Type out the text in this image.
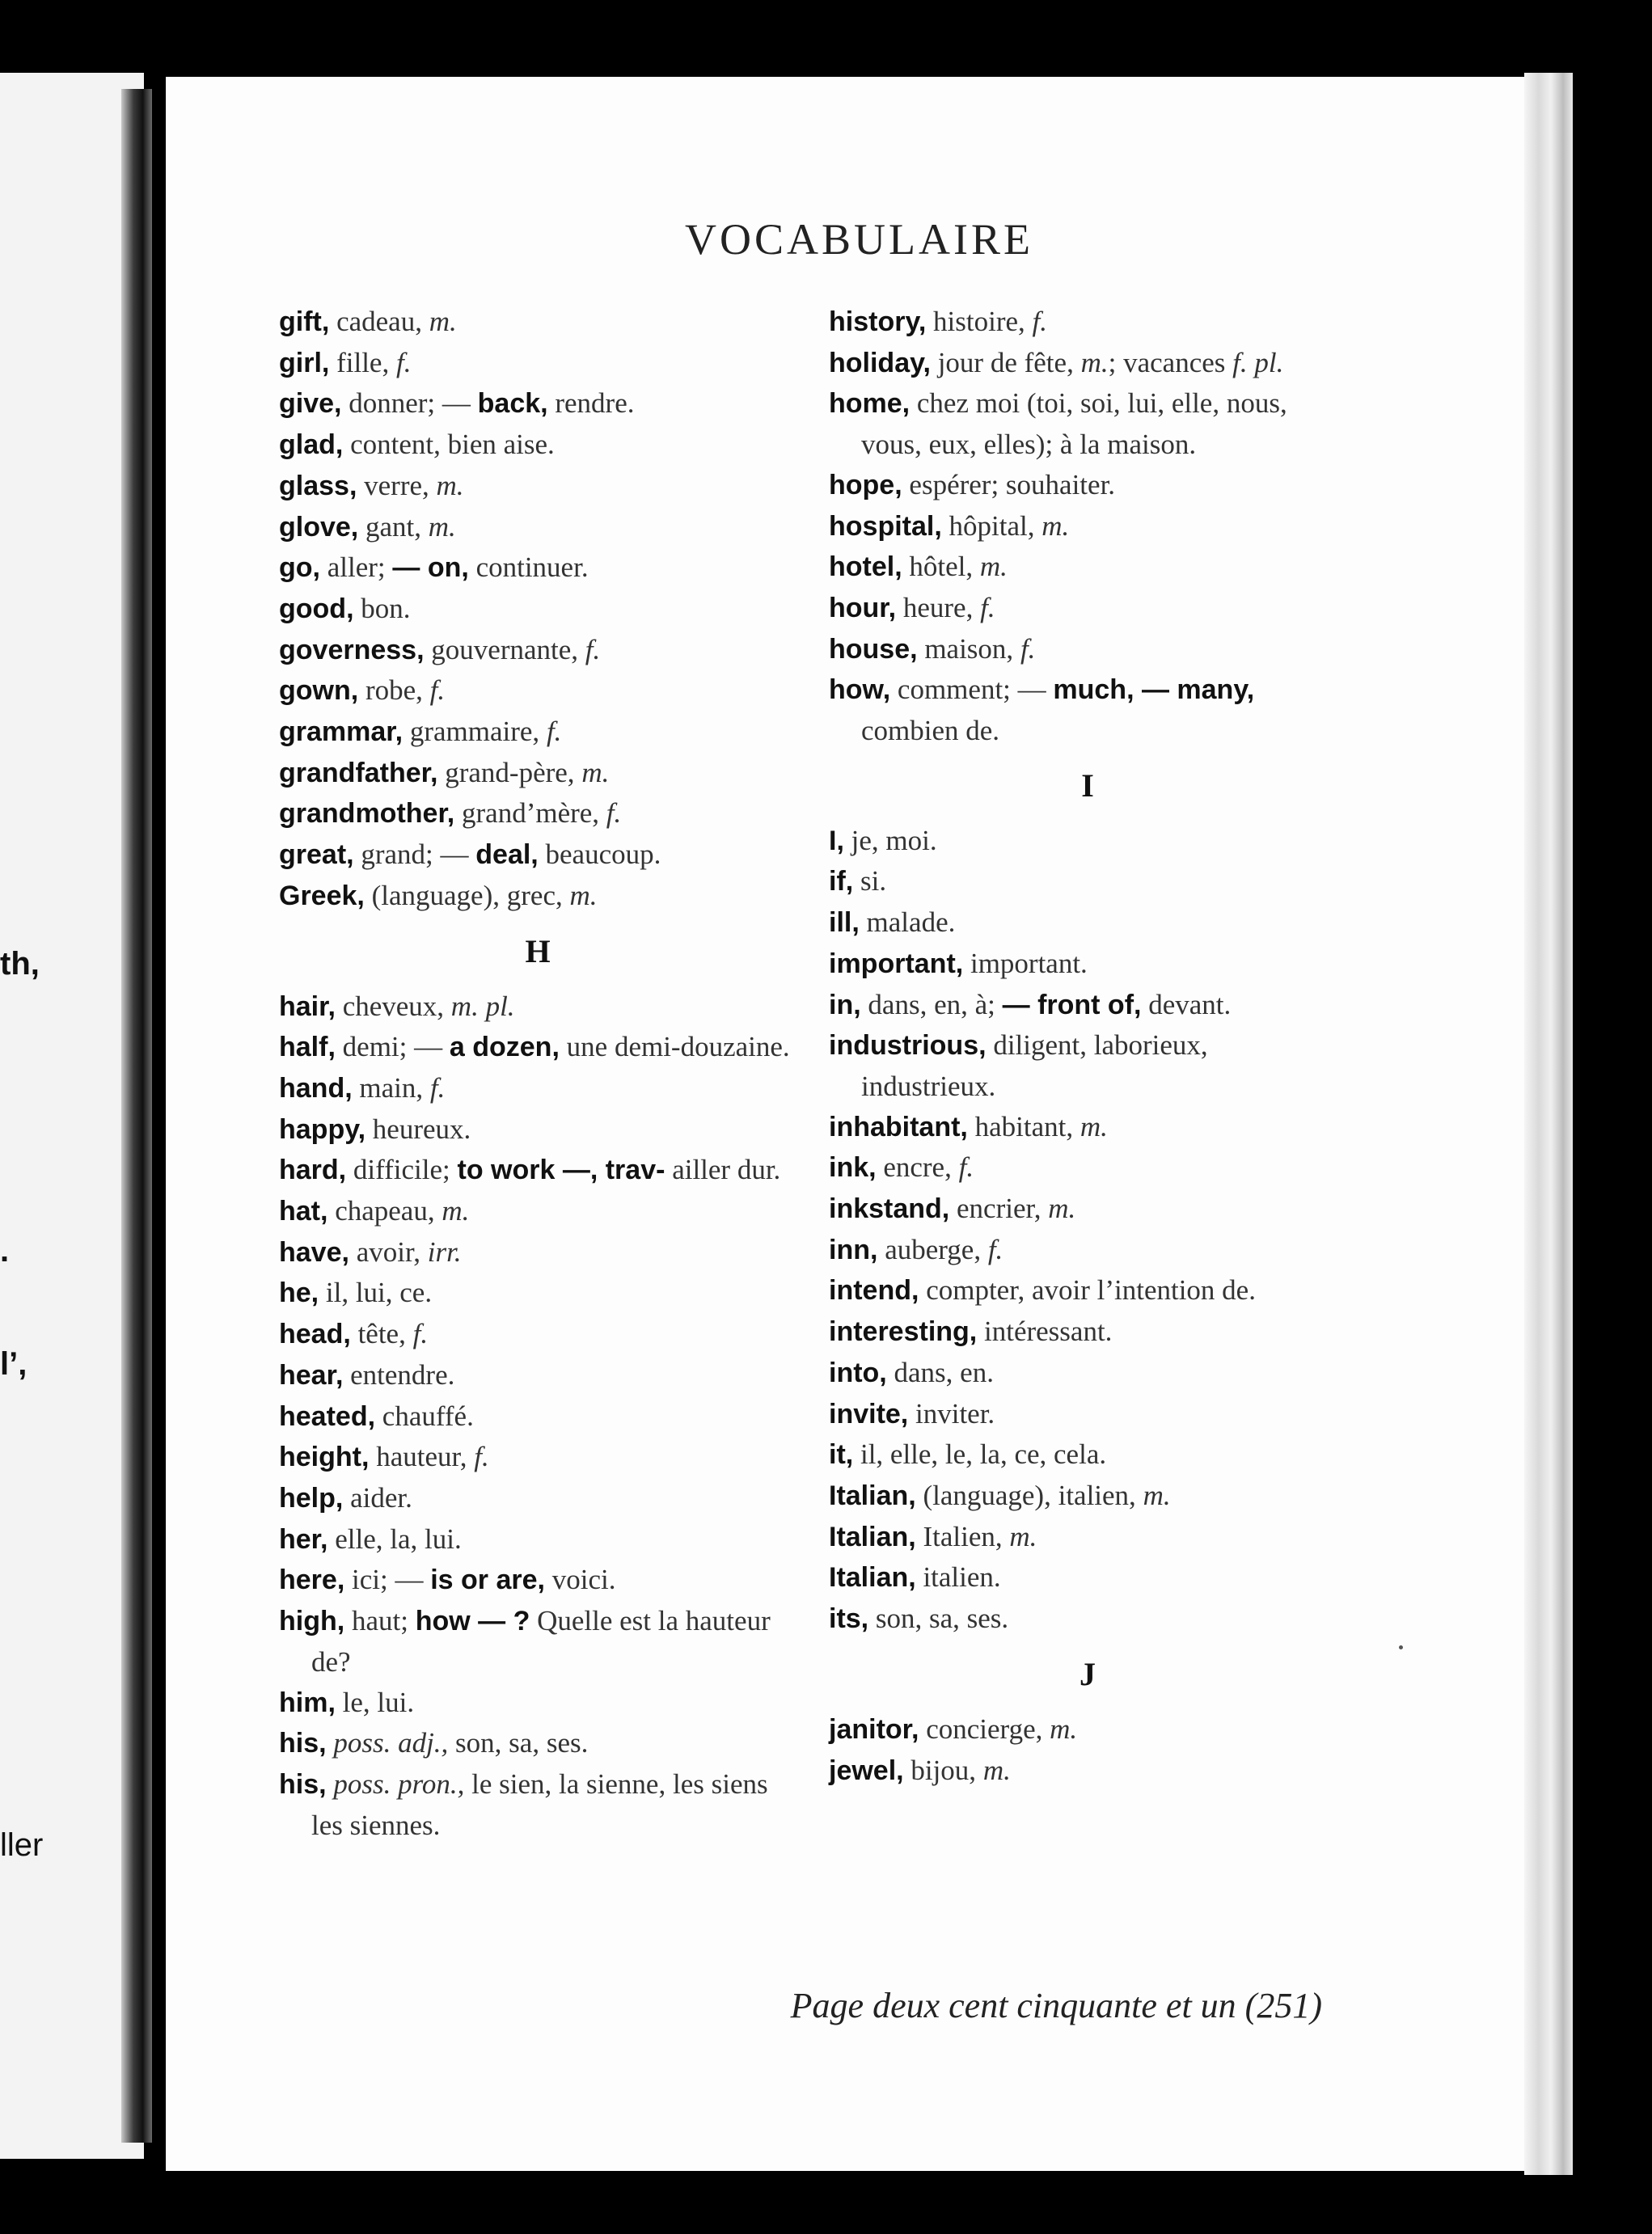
th,
.
l’,
ller
VOCABULAIRE
gift, cadeau, m.
girl, fille, f.
give, donner; — back, rendre.
glad, content, bien aise.
glass, verre, m.
glove, gant, m.
go, aller; — on, continuer.
good, bon.
governess, gouvernante, f.
gown, robe, f.
grammar, grammaire, f.
grandfather, grand-père, m.
grandmother, grand’mère, f.
great, grand; — deal, beaucoup.
Greek, (language), grec, m.
H
hair, cheveux, m. pl.
half, demi; — a dozen, une demi-douzaine.
hand, main, f.
happy, heureux.
hard, difficile; to work —, trav- ailler dur.
hat, chapeau, m.
have, avoir, irr.
he, il, lui, ce.
head, tête, f.
hear, entendre.
heated, chauffé.
height, hauteur, f.
help, aider.
her, elle, la, lui.
here, ici; — is or are, voici.
high, haut; how — ? Quelle est la hauteur de?
him, le, lui.
his, poss. adj., son, sa, ses.
his, poss. pron., le sien, la sienne, les siens les siennes.
history, histoire, f.
holiday, jour de fête, m.; vacances f. pl.
home, chez moi (toi, soi, lui, elle, nous, vous, eux, elles); à la maison.
hope, espérer; souhaiter.
hospital, hôpital, m.
hotel, hôtel, m.
hour, heure, f.
house, maison, f.
how, comment; — much, — many, combien de.
I
I, je, moi.
if, si.
ill, malade.
important, important.
in, dans, en, à; — front of, devant.
industrious, diligent, laborieux, industrieux.
inhabitant, habitant, m.
ink, encre, f.
inkstand, encrier, m.
inn, auberge, f.
intend, compter, avoir l’intention de.
interesting, intéressant.
into, dans, en.
invite, inviter.
it, il, elle, le, la, ce, cela.
Italian, (language), italien, m.
Italian, Italien, m.
Italian, italien.
its, son, sa, ses.
J
janitor, concierge, m.
jewel, bijou, m.
Page deux cent cinquante et un (251)
